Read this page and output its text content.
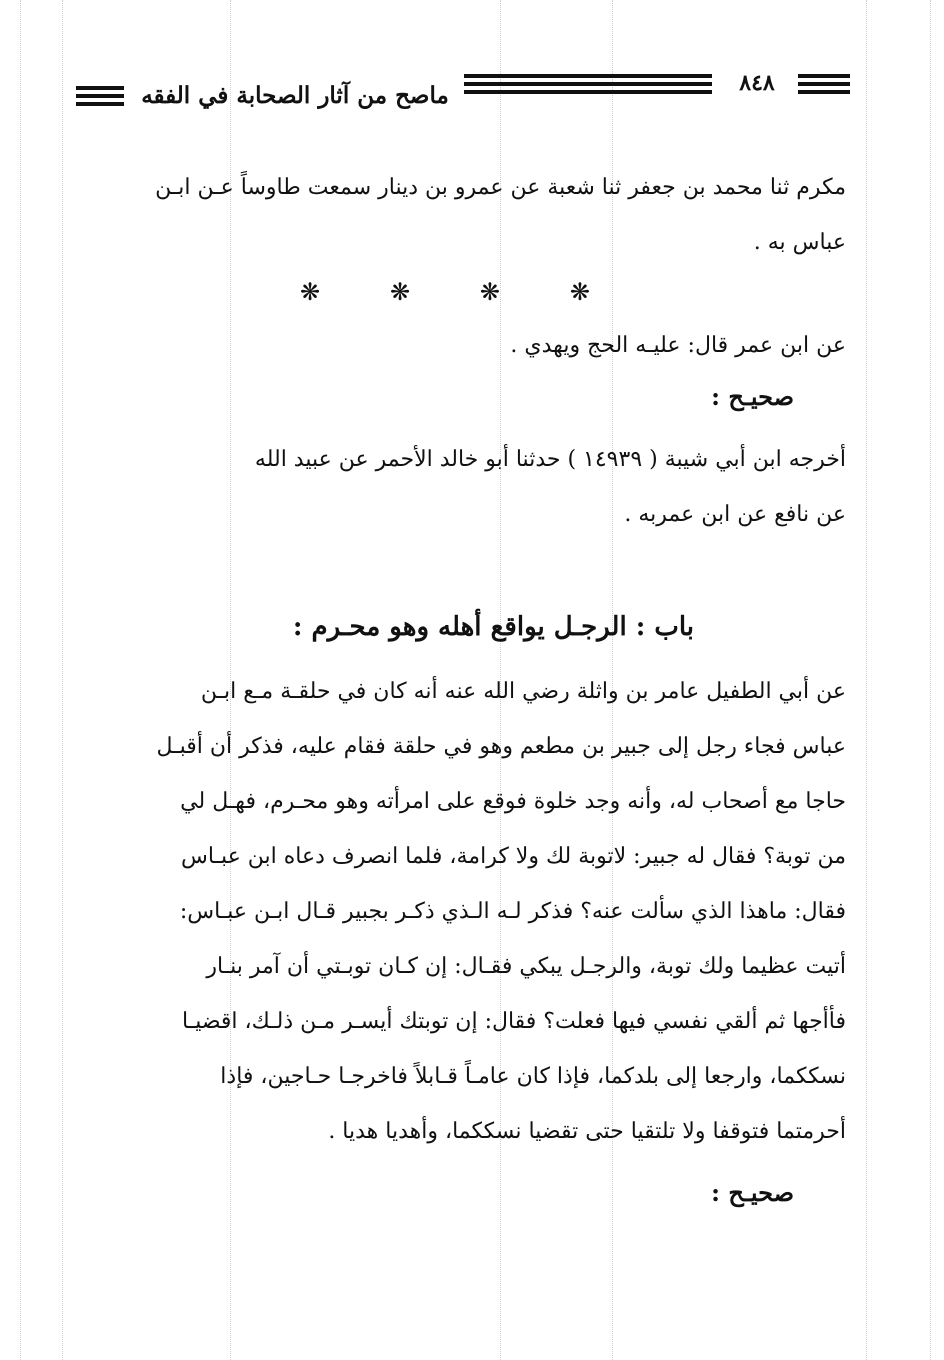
ماصح من آثار الصحابة في الفقه	٨٤٨
مكرم ثنا محمد بن جعفر ثنا شعبة عن عمرو بن دينار سمعت طاوساً عـن ابـن
عباس به .
❋	❋	❋	❋
عن ابن عمر قال: عليـه الحج ويهدي .
صحيـح :
أخرجه ابن أبي شيبة ( ١٤٩٣٩ ) حدثنا أبو خالد الأحمر عن عبيد الله
عن نافع عن ابن عمربه .
باب : الرجـل يواقع أهله وهو محـرم :
عن أبي الطفيل عامر بن واثلة رضي الله عنه أنه كان في حلقـة مـع ابـن
عباس فجاء رجل إلى جبير بن مطعم وهو في حلقة فقام عليه، فذكر أن أقبـل
حاجا مع أصحاب له، وأنه وجد خلوة فوقع على امرأته وهو محـرم، فهـل لي
من توبة؟ فقال له جبير: لاتوبة لك ولا كرامة، فلما انصرف دعاه ابن عبـاس
فقال: ماهذا الذي سألت عنه؟ فذكر لـه الـذي ذكـر بجبير قـال ابـن عبـاس:
أتيت عظيما ولك توبة، والرجـل يبكي فقـال: إن كـان توبـتي أن آمر بنـار
فأأجها ثم ألقي نفسي فيها فعلت؟ فقال: إن توبتك أيسـر مـن ذلـك، اقضيـا
نسككما، وارجعا إلى بلدكما، فإذا كان عامـاً قـابلاً فاخرجـا حـاجين، فإذا
أحرمتما فتوقفا ولا تلتقيا حتى تقضيا نسككما، وأهديا هديا .
صحيـح :
